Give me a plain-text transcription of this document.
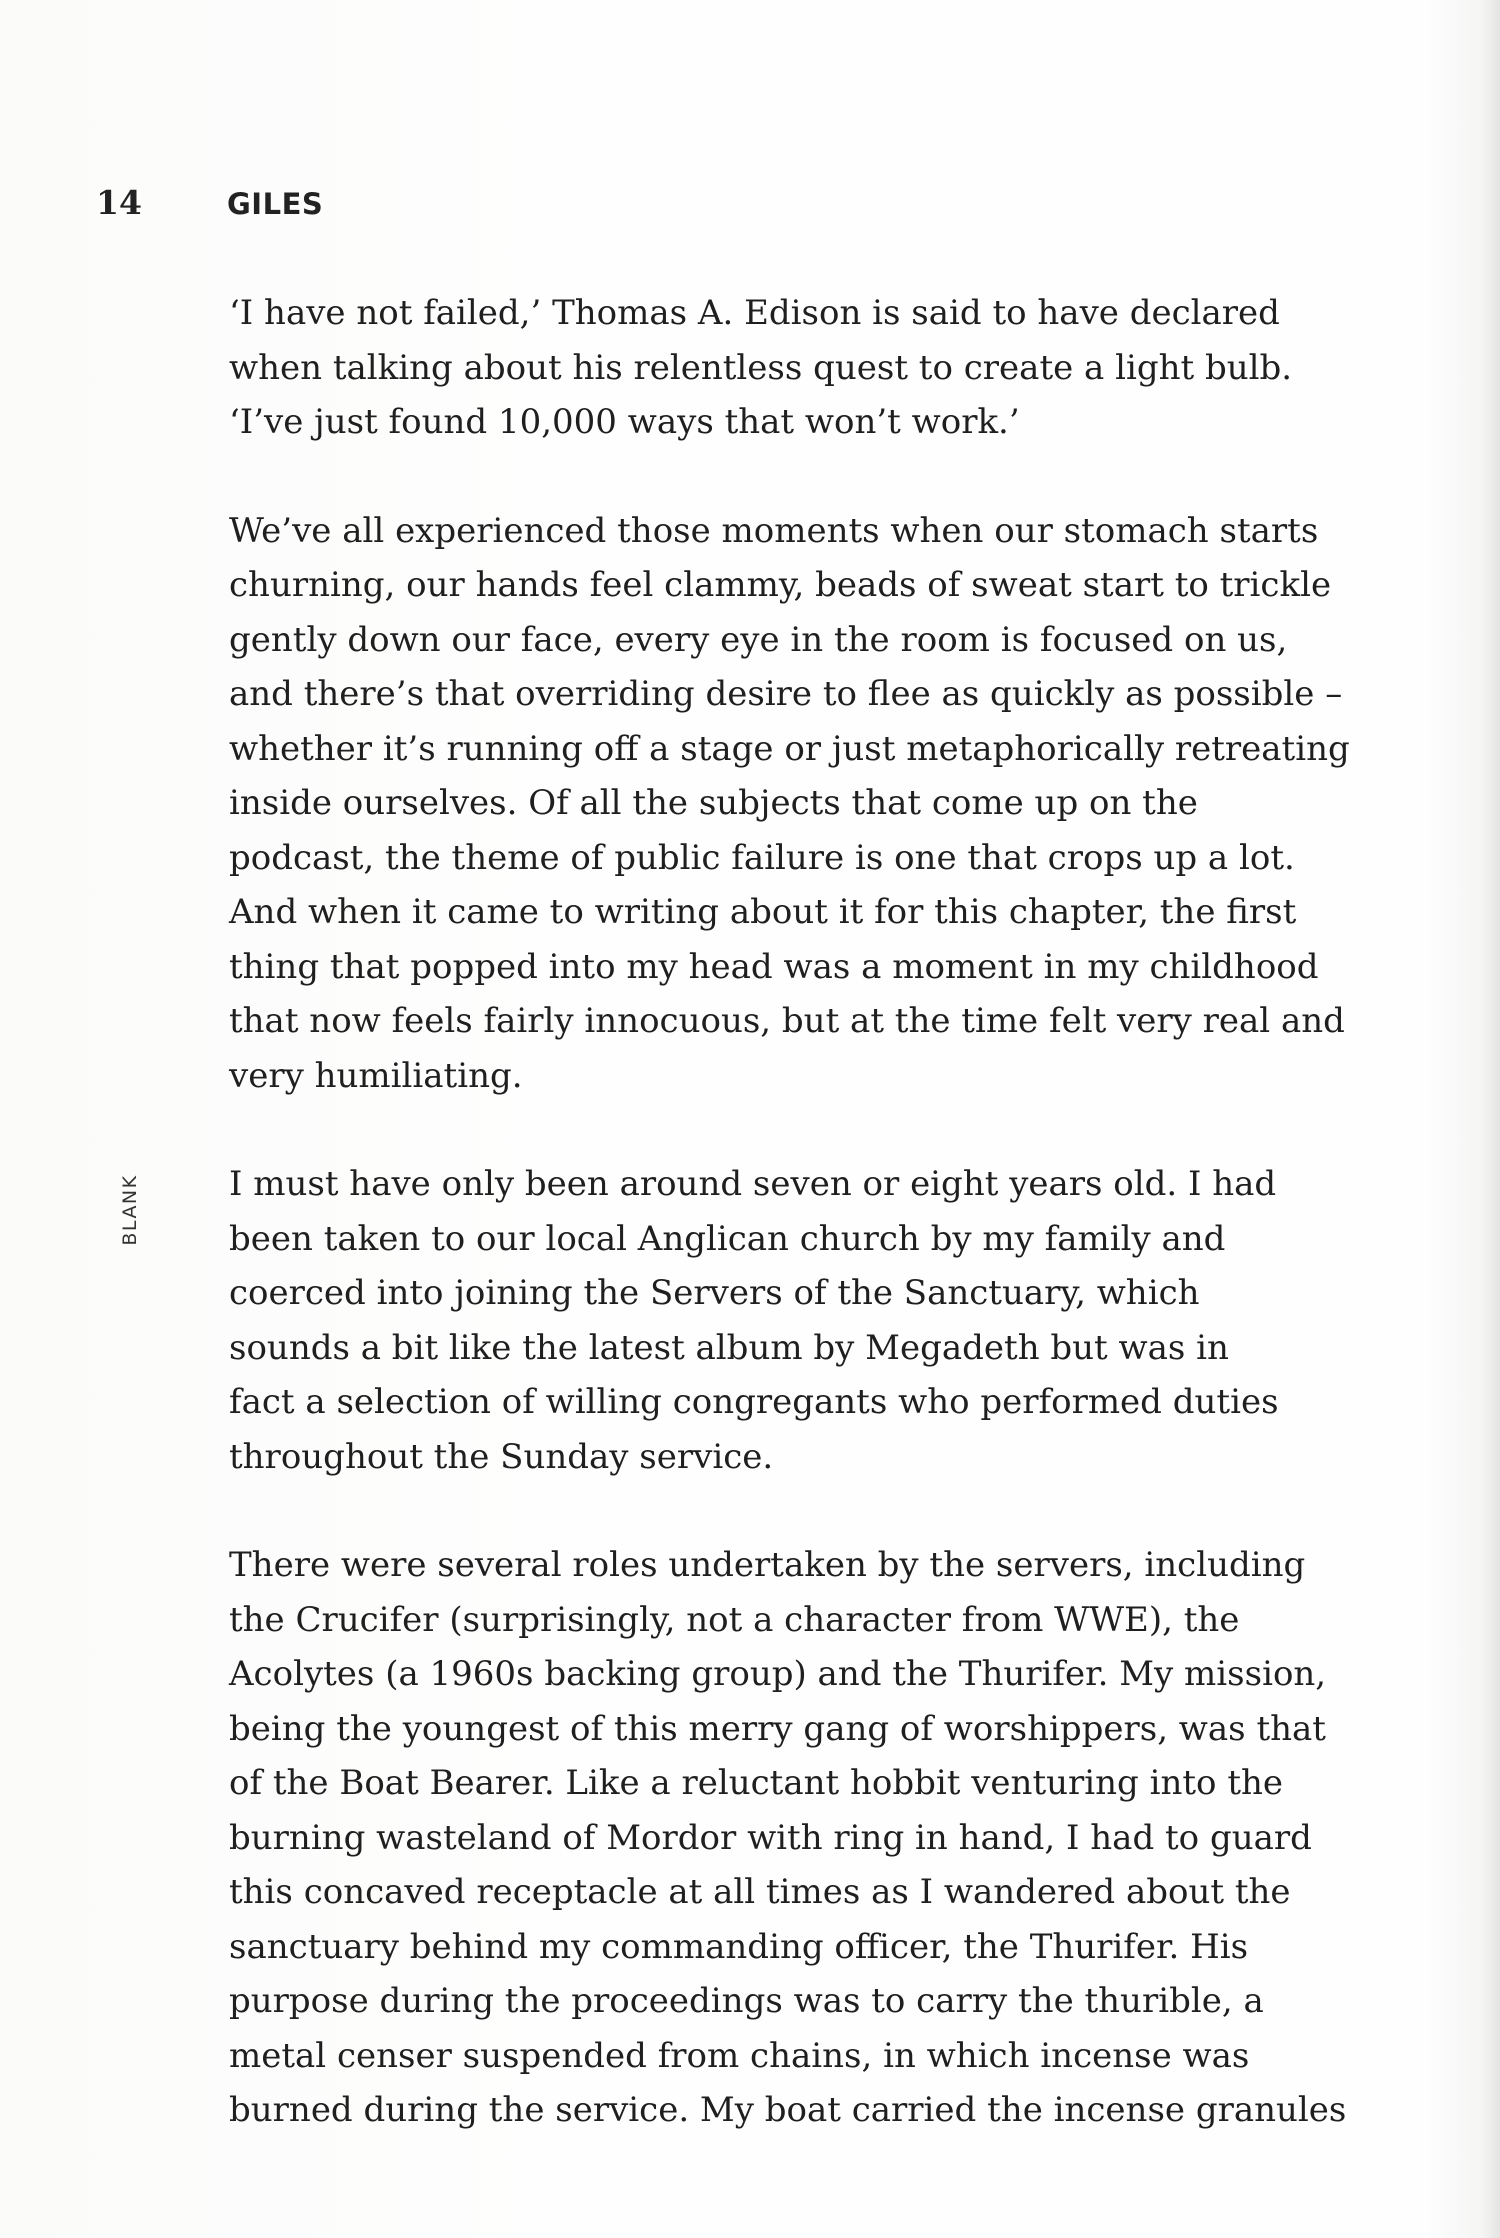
14	GILES
BLANK

‘I have not failed,’ Thomas A. Edison is said to have declared
when talking about his relentless quest to create a light bulb.
‘I’ve just found 10,000 ways that won’t work.’

We’ve all experienced those moments when our stomach starts
churning, our hands feel clammy, beads of sweat start to trickle
gently down our face, every eye in the room is focused on us,
and there’s that overriding desire to flee as quickly as possible –
whether it’s running off a stage or just metaphorically retreating
inside ourselves. Of all the subjects that come up on the
podcast, the theme of public failure is one that crops up a lot.
And when it came to writing about it for this chapter, the first
thing that popped into my head was a moment in my childhood
that now feels fairly innocuous, but at the time felt very real and
very humiliating.

I must have only been around seven or eight years old. I had
been taken to our local Anglican church by my family and
coerced into joining the Servers of the Sanctuary, which
sounds a bit like the latest album by Megadeth but was in
fact a selection of willing congregants who performed duties
throughout the Sunday service.

There were several roles undertaken by the servers, including
the Crucifer (surprisingly, not a character from WWE), the
Acolytes (a 1960s backing group) and the Thurifer. My mission,
being the youngest of this merry gang of worshippers, was that
of the Boat Bearer. Like a reluctant hobbit venturing into the
burning wasteland of Mordor with ring in hand, I had to guard
this concaved receptacle at all times as I wandered about the
sanctuary behind my commanding officer, the Thurifer. His
purpose during the proceedings was to carry the thurible, a
metal censer suspended from chains, in which incense was
burned during the service. My boat carried the incense granules
